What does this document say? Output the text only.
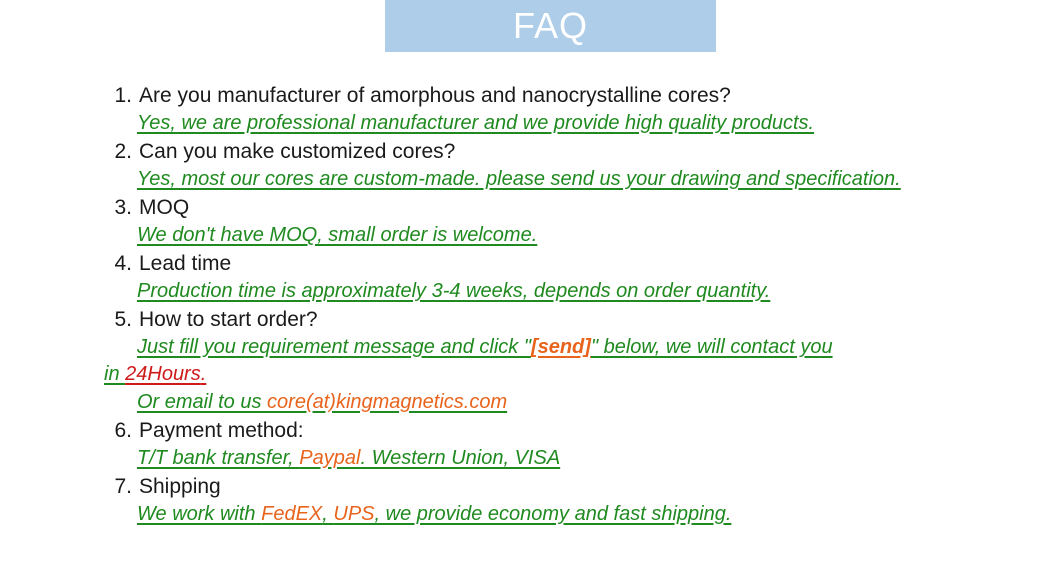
FAQ
1. Are you manufacturer of amorphous and nanocrystalline cores?
Yes, we are professional manufacturer and we provide high quality products.
2. Can you make customized cores?
Yes, most our cores are custom-made. please send us your drawing and specification.
3. MOQ
We don't have MOQ, small order is welcome.
4. Lead time
Production time is approximately 3-4 weeks, depends on order quantity.
5. How to start order?
Just fill you requirement message and click "[send]" below, we will contact you
in 24Hours.
Or email to us core(at)kingmagnetics.com
6. Payment method:
T/T bank transfer, Paypal. Western Union, VISA
7. Shipping
We work with FedEX, UPS, we provide economy and fast shipping.
